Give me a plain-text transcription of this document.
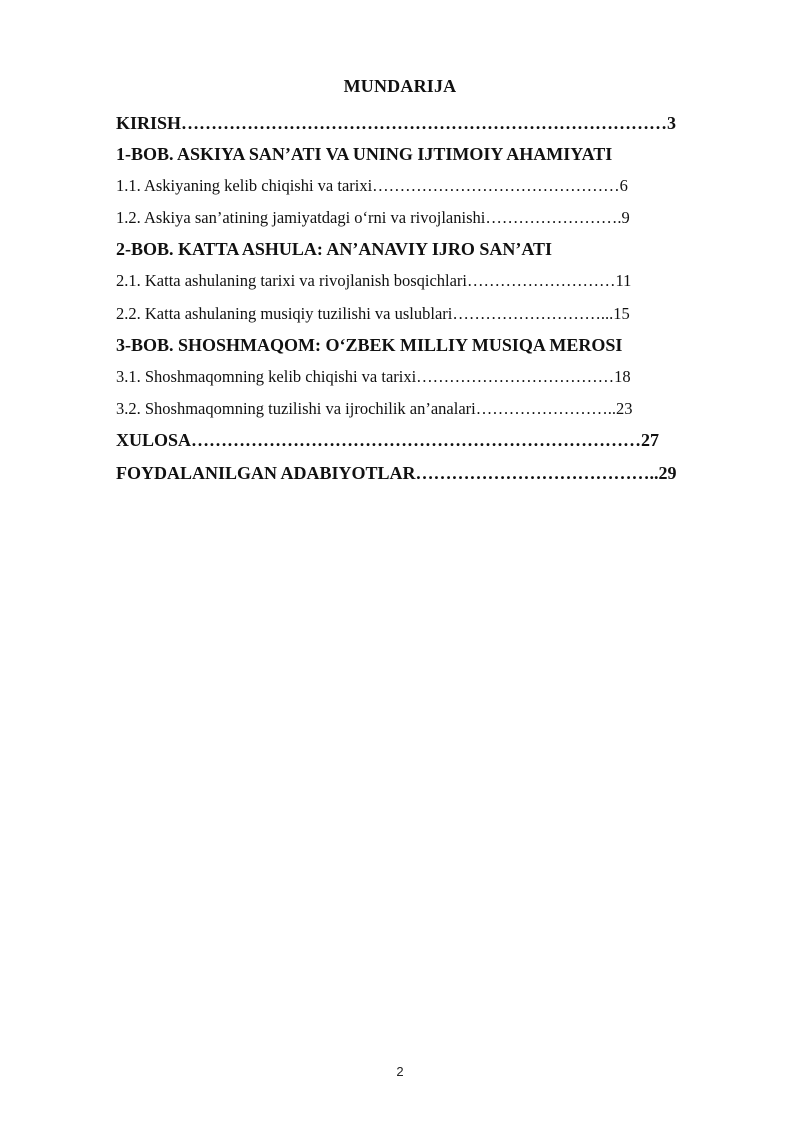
MUNDARIJA
KIRISH………………………………………………………………………3
1-BOB. ASKIYA SAN’ATI VA UNING IJTIMOIY AHAMIYATI
1.1. Askiyaning kelib chiqishi va tarixi………………………………………6
1.2. Askiya san’atining jamiyatdagi o‘rni va rivojlanishi…………………….9
2-BOB. KATTA ASHULA: AN’ANAVIY IJRO SAN’ATI
2.1. Katta ashulaning tarixi va rivojlanish bosqichlari………………………11
2.2. Katta ashulaning musiqiy tuzilishi va uslublari………………………...15
3-BOB. SHOSHMAQOM: O‘ZBEK MILLIY MUSIQA MEROSI
3.1. Shoshmaqomning kelib chiqishi va tarixi………………………………18
3.2. Shoshmaqomning tuzilishi va ijrochilik an’analari……………………..23
XULOSA…………………………………………………………………27
FOYDALANILGAN ADABIYOTLAR…………………………………..29
2
